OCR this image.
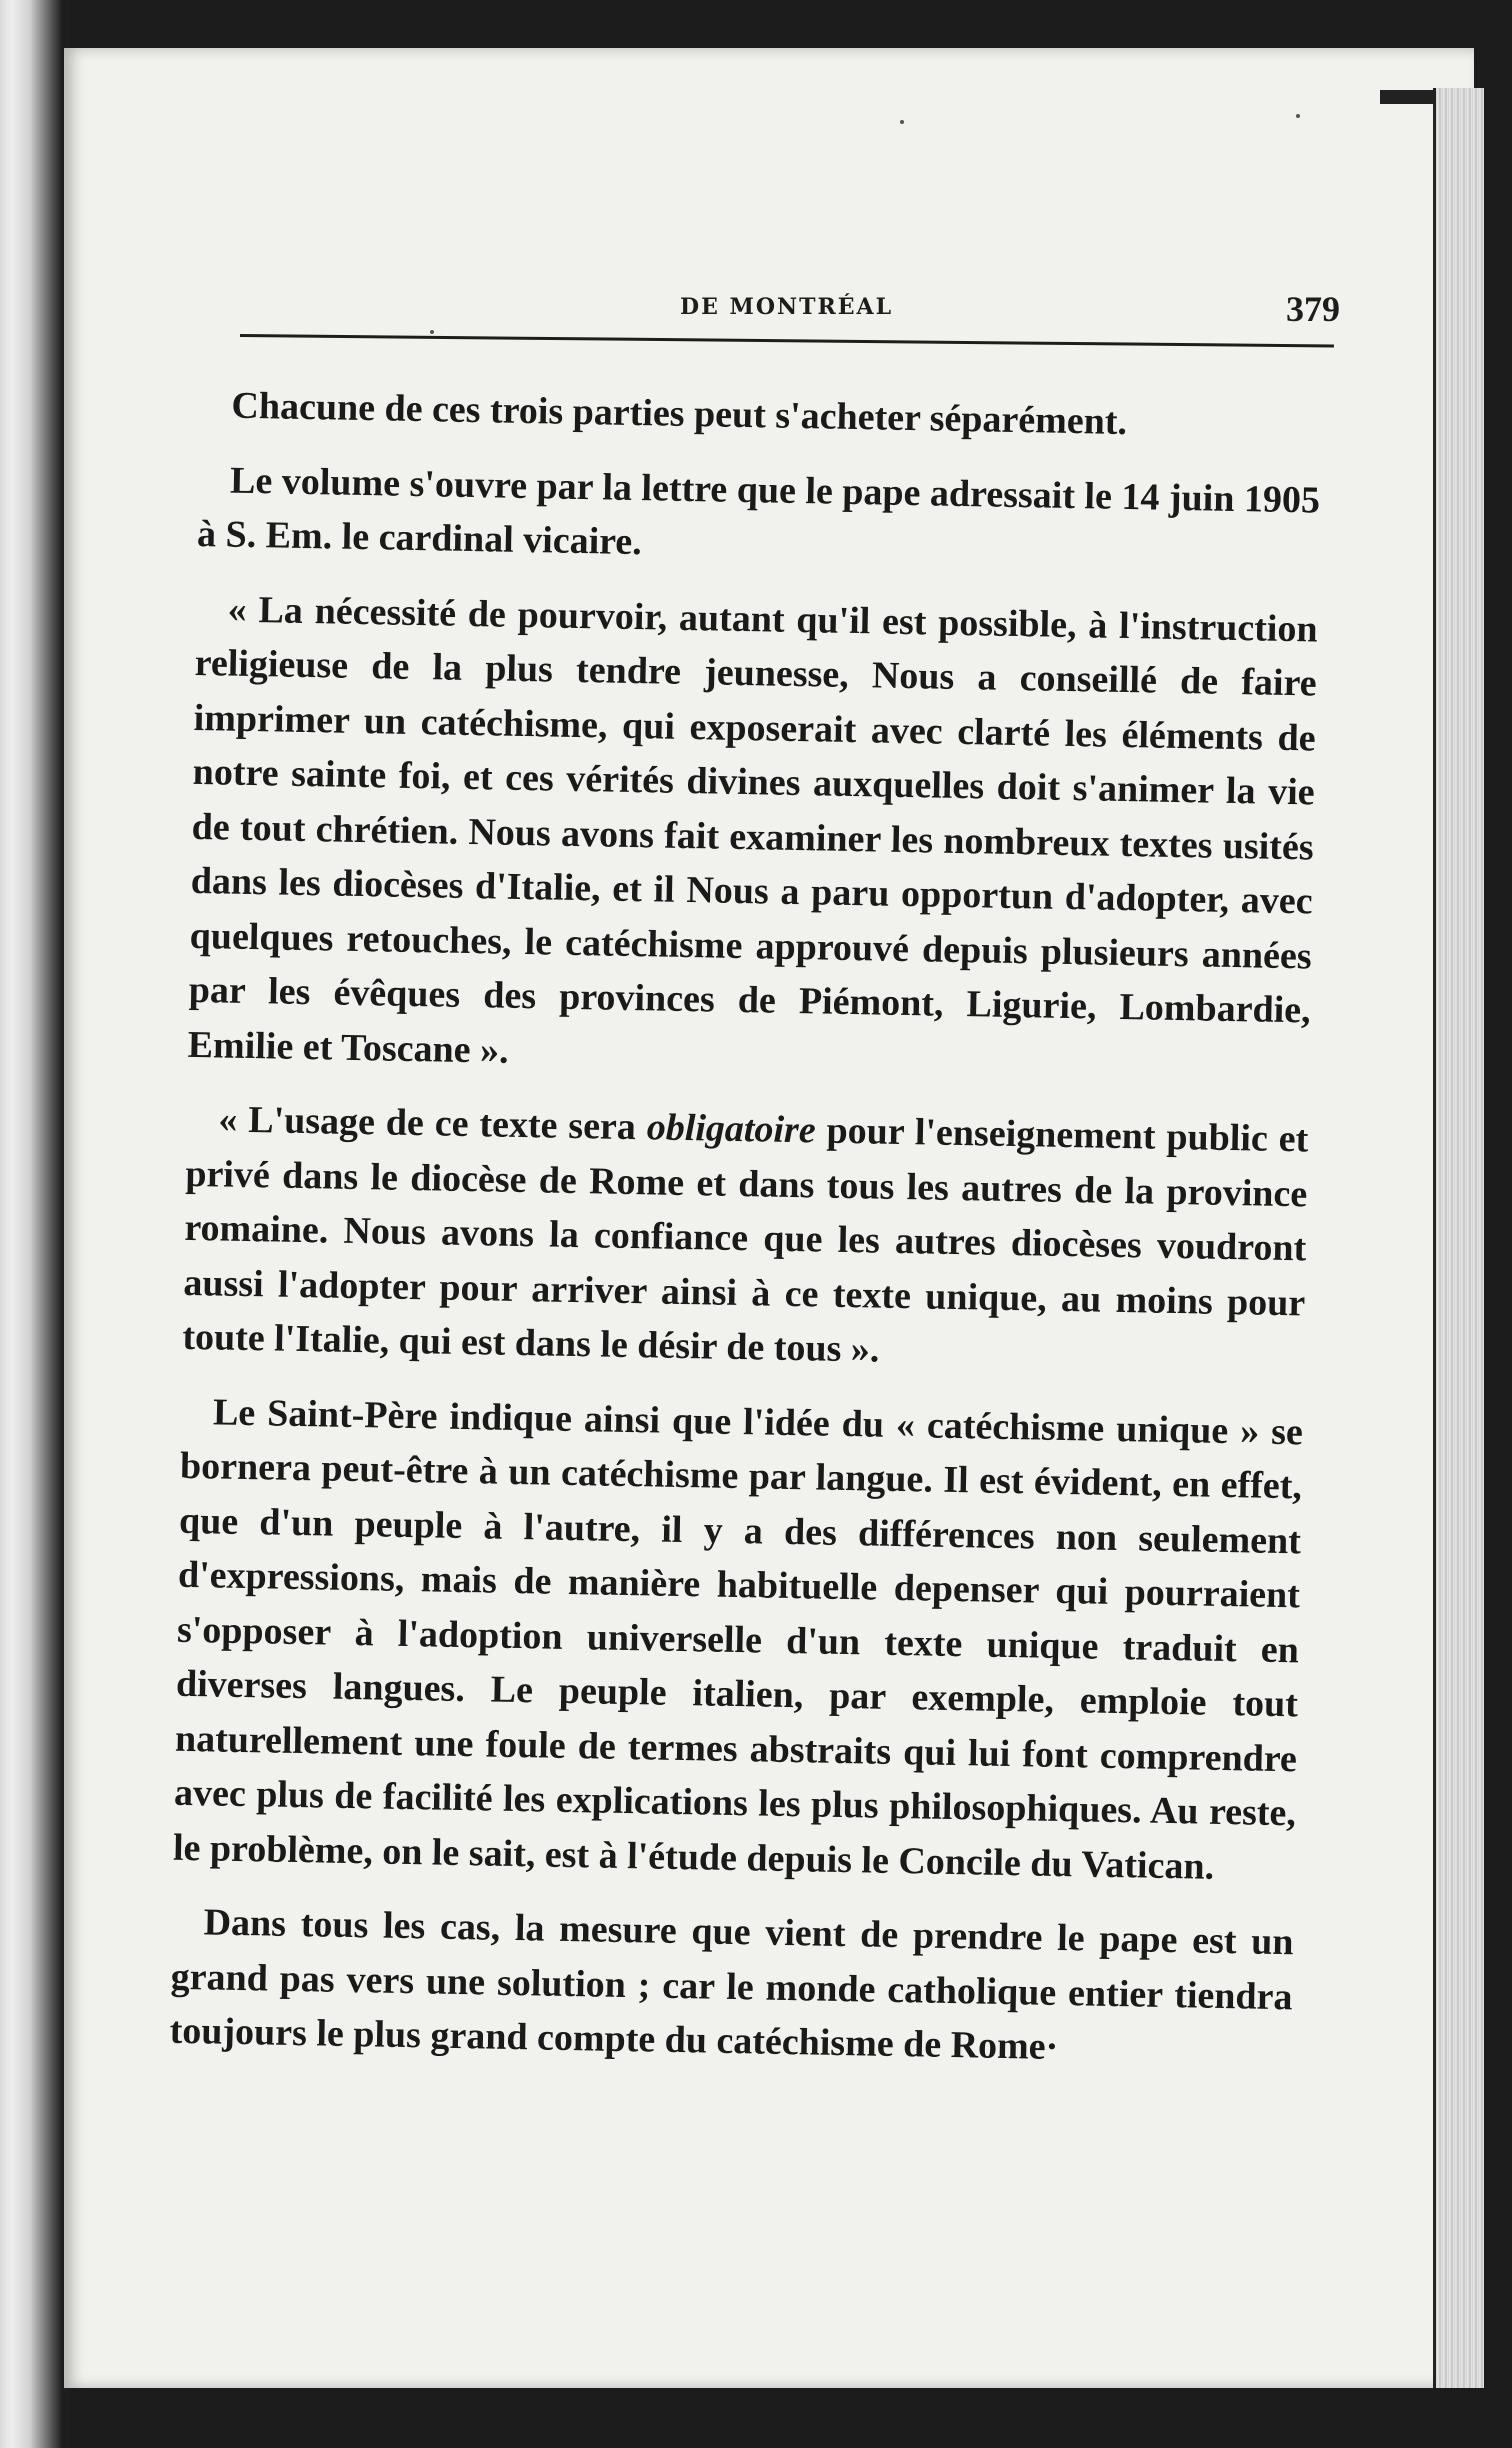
DE MONTRÉAL	379

Chacune de ces trois parties peut s'acheter séparément.

Le volume s'ouvre par la lettre que le pape adressait le 14 juin 1905 à S. Em. le cardinal vicaire.

« La nécessité de pourvoir, autant qu'il est possible, à l'instruction religieuse de la plus tendre jeunesse, Nous a conseillé de faire imprimer un catéchisme, qui exposerait avec clarté les éléments de notre sainte foi, et ces vérités divines auxquelles doit s'animer la vie de tout chrétien. Nous avons fait examiner les nombreux textes usités dans les diocèses d'Italie, et il Nous a paru opportun d'adopter, avec quelques retouches, le catéchisme approuvé depuis plusieurs années par les évêques des provinces de Piémont, Ligurie, Lombardie, Emilie et Toscane ».

« L'usage de ce texte sera obligatoire pour l'enseignement public et privé dans le diocèse de Rome et dans tous les autres de la province romaine. Nous avons la confiance que les autres diocèses voudront aussi l'adopter pour arriver ainsi à ce texte unique, au moins pour toute l'Italie, qui est dans le désir de tous ».

Le Saint-Père indique ainsi que l'idée du « catéchisme unique » se bornera peut-être à un catéchisme par langue. Il est évident, en effet, que d'un peuple à l'autre, il y a des différences non seulement d'expressions, mais de manière habituelle depenser qui pourraient s'opposer à l'adoption universelle d'un texte unique traduit en diverses langues. Le peuple italien, par exemple, emploie tout naturellement une foule de termes abstraits qui lui font comprendre avec plus de facilité les explications les plus philosophiques. Au reste, le problème, on le sait, est à l'étude depuis le Concile du Vatican.

Dans tous les cas, la mesure que vient de prendre le pape est un grand pas vers une solution ; car le monde catholique entier tiendra toujours le plus grand compte du catéchisme de Rome·
